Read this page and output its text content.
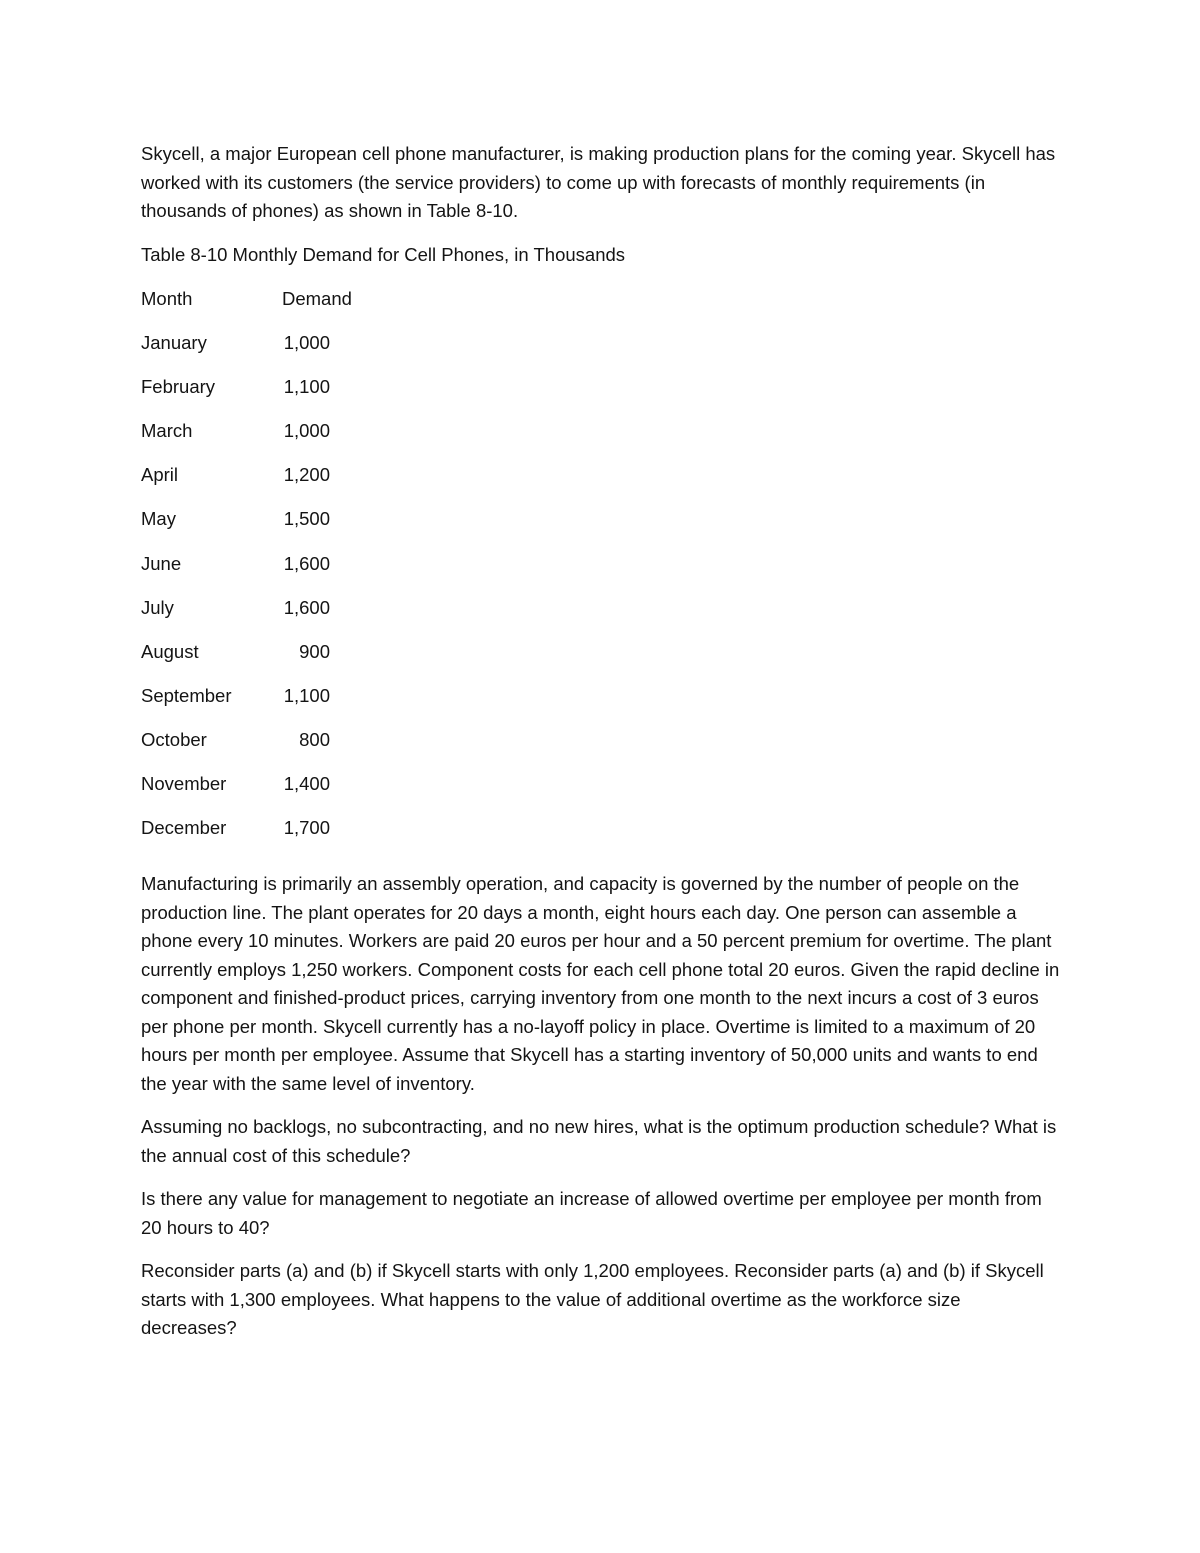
Skycell, a major European cell phone manufacturer, is making production plans for the coming year. Skycell has worked with its customers (the service providers) to come up with forecasts of monthly requirements (in thousands of phones) as shown in Table 8-10.

Table 8-10 Monthly Demand for Cell Phones, in Thousands

Month	Demand
January	1,000
February	1,100
March	1,000
April	1,200
May	1,500
June	1,600
July	1,600
August	900
September	1,100
October	800
November	1,400
December	1,700

Manufacturing is primarily an assembly operation, and capacity is governed by the number of people on the production line. The plant operates for 20 days a month, eight hours each day. One person can assemble a phone every 10 minutes. Workers are paid 20 euros per hour and a 50 percent premium for overtime. The plant currently employs 1,250 workers. Component costs for each cell phone total 20 euros. Given the rapid decline in component and finished-product prices, carrying inventory from one month to the next incurs a cost of 3 euros per phone per month. Skycell currently has a no-layoff policy in place. Overtime is limited to a maximum of 20 hours per month per employee. Assume that Skycell has a starting inventory of 50,000 units and wants to end the year with the same level of inventory.

Assuming no backlogs, no subcontracting, and no new hires, what is the optimum production schedule? What is the annual cost of this schedule?

Is there any value for management to negotiate an increase of allowed overtime per employee per month from 20 hours to 40?

Reconsider parts (a) and (b) if Skycell starts with only 1,200 employees. Reconsider parts (a) and (b) if Skycell starts with 1,300 employees. What happens to the value of additional overtime as the workforce size decreases?
